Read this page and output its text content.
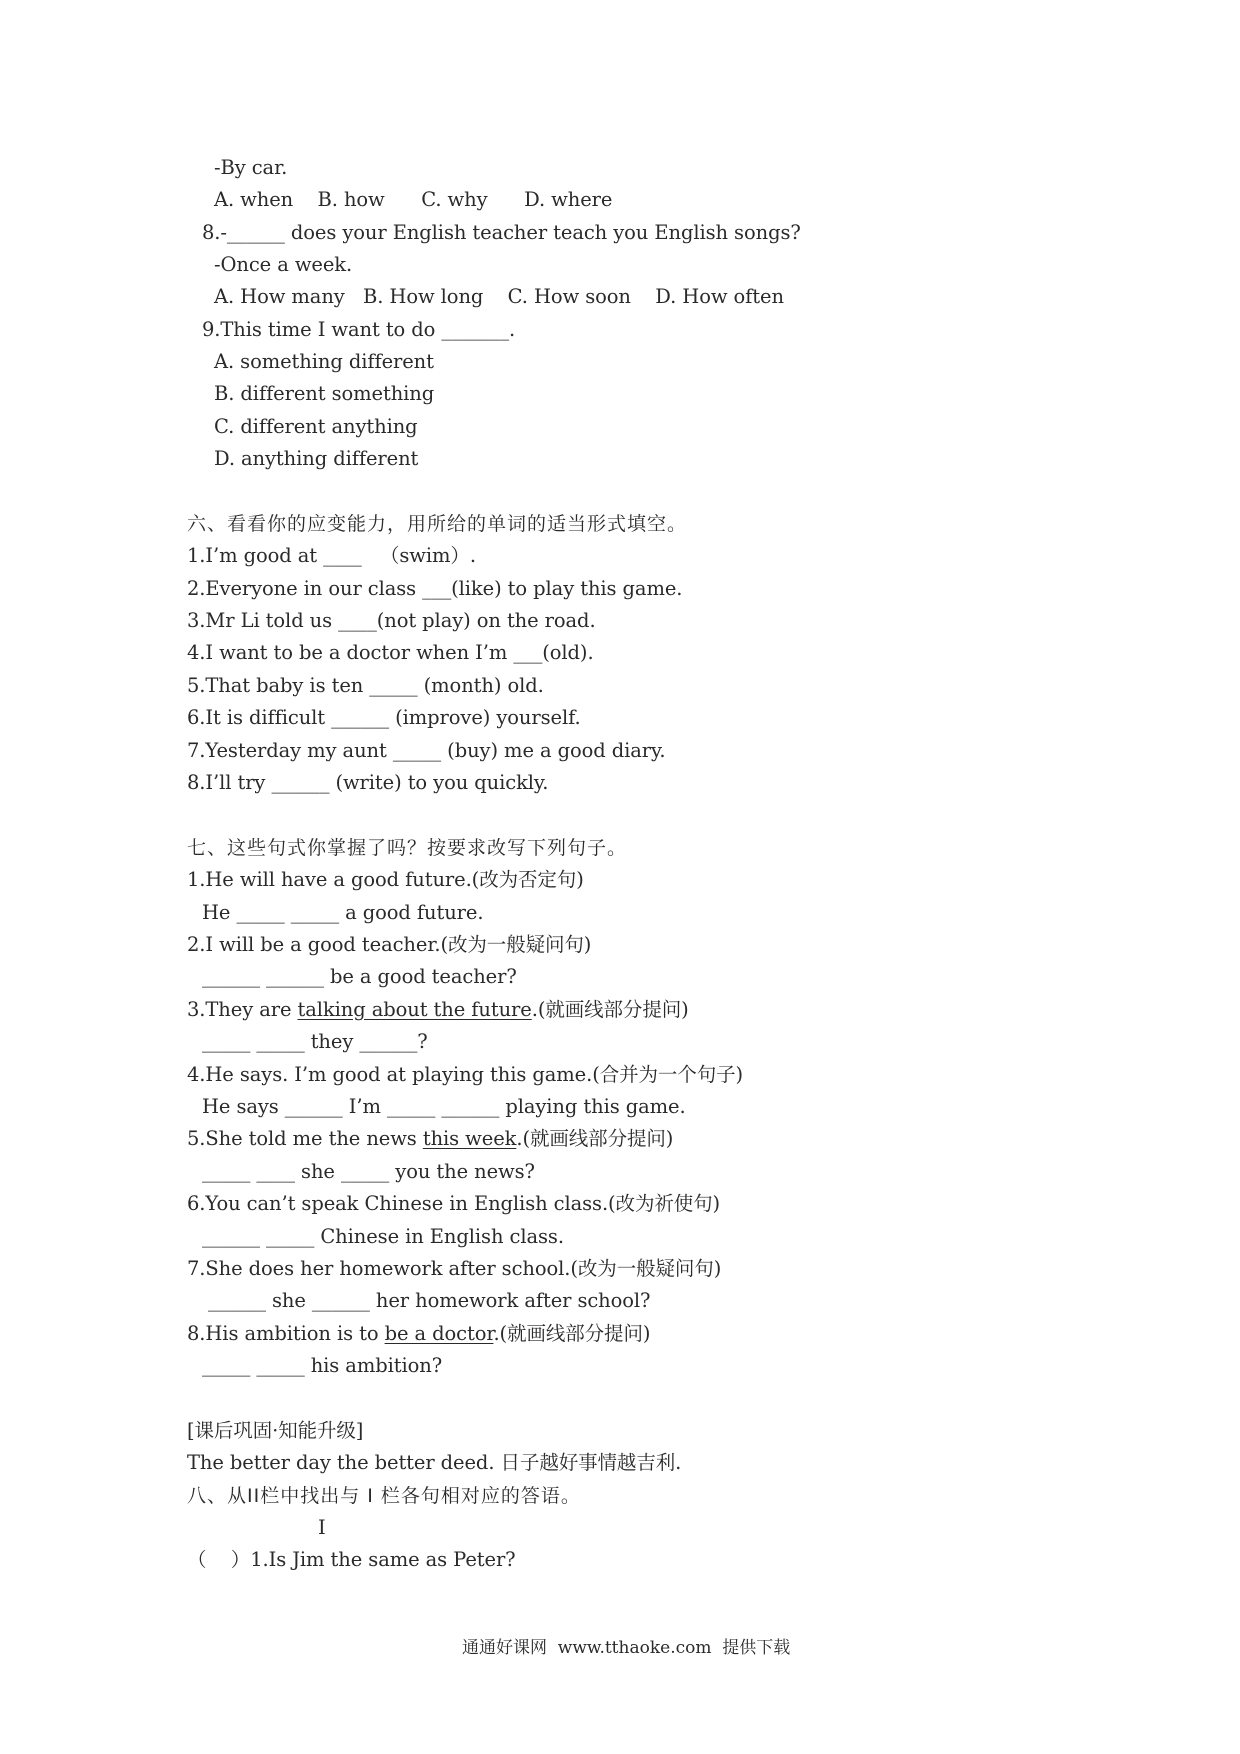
-By car.
A. when    B. how      C. why      D. where
8.-______ does your English teacher teach you English songs?
-Once a week.
A. How many   B. How long    C. How soon    D. How often
9.This time I want to do _______.
A. something different
B. different something
C. different anything
D. anything different
六、看看你的应变能力，用所给的单词的适当形式填空。
1.I’m good at ____   （swim）.
2.Everyone in our class ___(like) to play this game.
3.Mr Li told us ____(not play) on the road.
4.I want to be a doctor when I’m ___(old).
5.That baby is ten _____ (month) old.
6.It is difficult ______ (improve) yourself.
7.Yesterday my aunt _____ (buy) me a good diary.
8.I’ll try ______ (write) to you quickly.
七、这些句式你掌握了吗？按要求改写下列句子。
1.He will have a good future.(改为否定句)
He _____ _____ a good future.
2.I will be a good teacher.(改为一般疑问句)
______ ______ be a good teacher?
3.They are talking about the future.(就画线部分提问)
_____ _____ they ______?
4.He says. I’m good at playing this game.(合并为一个句子)
He says ______ I’m _____ ______ playing this game.
5.She told me the news this week.(就画线部分提问)
_____ ____ she _____ you the news?
6.You can’t speak Chinese in English class.(改为祈使句)
______ _____ Chinese in English class.
7.She does her homework after school.(改为一般疑问句)
______ she ______ her homework after school?
8.His ambition is to be a doctor.(就画线部分提问)
_____ _____ his ambition?
[课后巩固·知能升级]
The better day the better deed. 日子越好事情越吉利.
八、从II栏中找出与 I 栏各句相对应的答语。
I
（    ）1.Is Jim the same as Peter?
通通好课网  www.tthaoke.com  提供下载
